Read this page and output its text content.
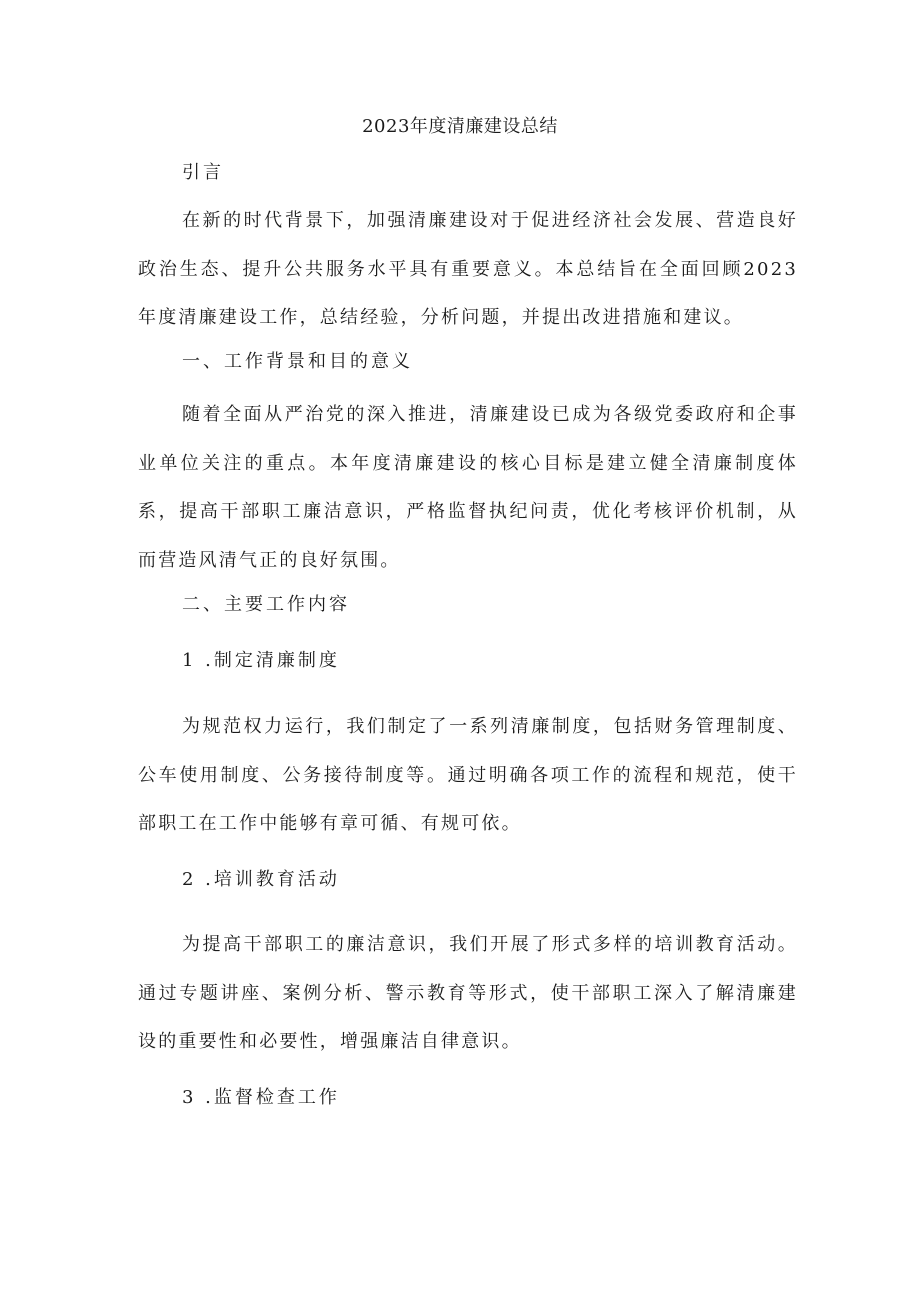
2023年度清廉建设总结
引言

在新的时代背景下，加强清廉建设对于促进经济社会发展、营造良好政治生态、提升公共服务水平具有重要意义。本总结旨在全面回顾2023年度清廉建设工作，总结经验，分析问题，并提出改进措施和建议。

一、工作背景和目的意义

随着全面从严治党的深入推进，清廉建设已成为各级党委政府和企事业单位关注的重点。本年度清廉建设的核心目标是建立健全清廉制度体系，提高干部职工廉洁意识，严格监督执纪问责，优化考核评价机制，从而营造风清气正的良好氛围。

二、主要工作内容
1 .制定清廉制度

为规范权力运行，我们制定了一系列清廉制度，包括财务管理制度、公车使用制度、公务接待制度等。通过明确各项工作的流程和规范，使干部职工在工作中能够有章可循、有规可依。

2 .培训教育活动

为提高干部职工的廉洁意识，我们开展了形式多样的培训教育活动。通过专题讲座、案例分析、警示教育等形式，使干部职工深入了解清廉建设的重要性和必要性，增强廉洁自律意识。

3 .监督检查工作
